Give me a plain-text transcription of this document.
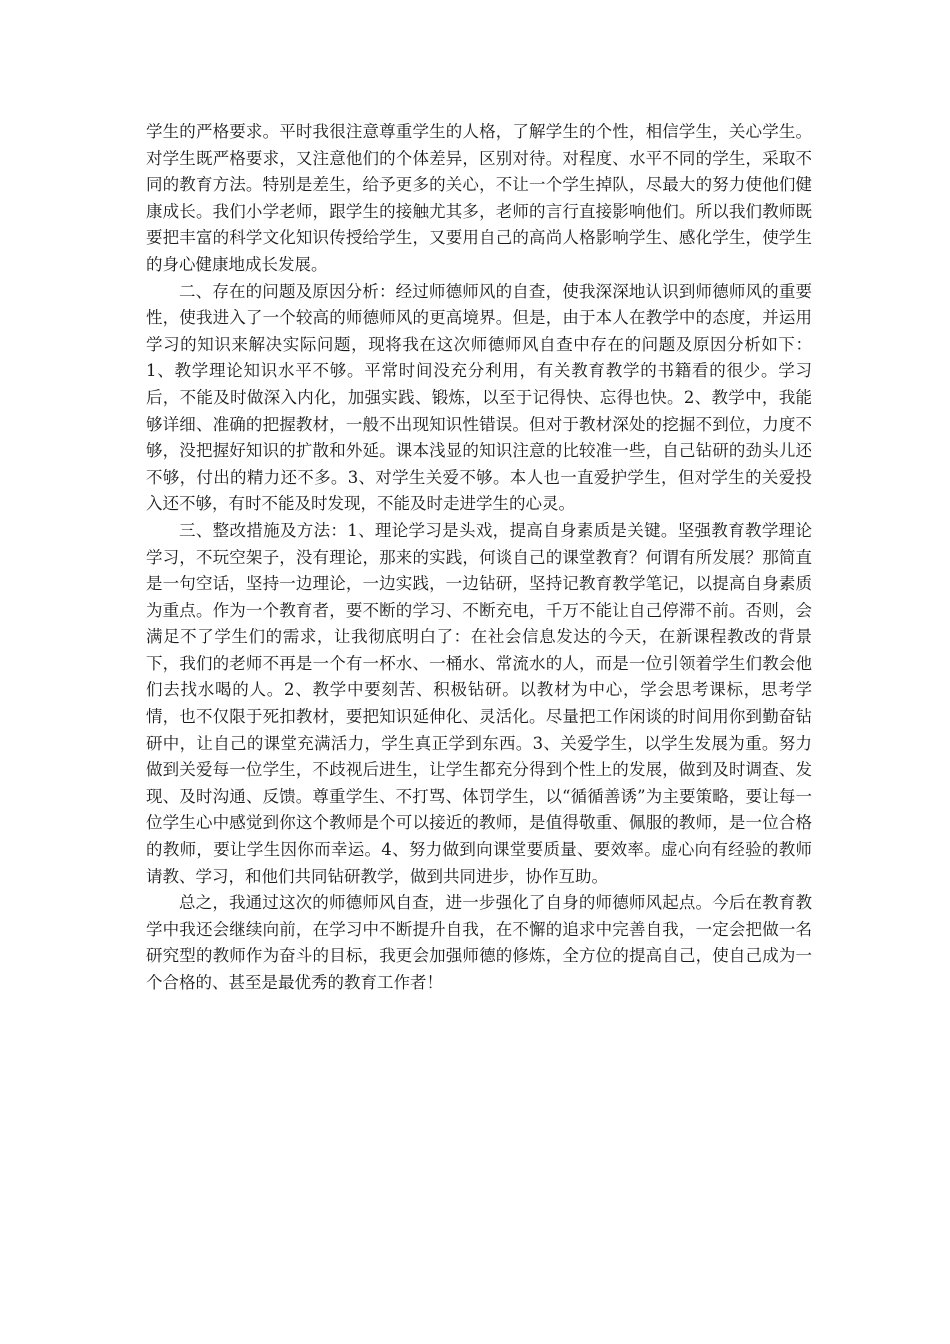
学生的严格要求。平时我很注意尊重学生的人格，了解学生的个性，相信学生，关心学生。对学生既严格要求，又注意他们的个体差异，区别对待。对程度、水平不同的学生，采取不同的教育方法。特别是差生，给予更多的关心，不让一个学生掉队，尽最大的努力使他们健康成长。我们小学老师，跟学生的接触尤其多，老师的言行直接影响他们。所以我们教师既要把丰富的科学文化知识传授给学生，又要用自己的高尚人格影响学生、感化学生，使学生的身心健康地成长发展。

二、存在的问题及原因分析：经过师德师风的自查，使我深深地认识到师德师风的重要性，使我进入了一个较高的师德师风的更高境界。但是，由于本人在教学中的态度，并运用学习的知识来解决实际问题，现将我在这次师德师风自查中存在的问题及原因分析如下：1、教学理论知识水平不够。平常时间没充分利用，有关教育教学的书籍看的很少。学习后，不能及时做深入内化，加强实践、锻炼，以至于记得快、忘得也快。2、教学中，我能够详细、准确的把握教材，一般不出现知识性错误。但对于教材深处的挖掘不到位，力度不够，没把握好知识的扩散和外延。课本浅显的知识注意的比较准一些，自己钻研的劲头儿还不够，付出的精力还不多。3、对学生关爱不够。本人也一直爱护学生，但对学生的关爱投入还不够，有时不能及时发现，不能及时走进学生的心灵。

三、整改措施及方法：1、理论学习是头戏，提高自身素质是关键。坚强教育教学理论学习，不玩空架子，没有理论，那来的实践，何谈自己的课堂教育？何谓有所发展？那简直是一句空话，坚持一边理论，一边实践，一边钻研，坚持记教育教学笔记，以提高自身素质为重点。作为一个教育者，要不断的学习、不断充电，千万不能让自己停滞不前。否则，会满足不了学生们的需求，让我彻底明白了：在社会信息发达的今天，在新课程教改的背景下，我们的老师不再是一个有一杯水、一桶水、常流水的人，而是一位引领着学生们教会他们去找水喝的人。2、教学中要刻苦、积极钻研。以教材为中心，学会思考课标，思考学情，也不仅限于死扣教材，要把知识延伸化、灵活化。尽量把工作闲谈的时间用你到勤奋钻研中，让自己的课堂充满活力，学生真正学到东西。3、关爱学生，以学生发展为重。努力做到关爱每一位学生，不歧视后进生，让学生都充分得到个性上的发展，做到及时调查、发现、及时沟通、反馈。尊重学生、不打骂、体罚学生，以“循循善诱”为主要策略，要让每一位学生心中感觉到你这个教师是个可以接近的教师，是值得敬重、佩服的教师，是一位合格的教师，要让学生因你而幸运。4、努力做到向课堂要质量、要效率。虚心向有经验的教师请教、学习，和他们共同钻研教学，做到共同进步，协作互助。

总之，我通过这次的师德师风自查，进一步强化了自身的师德师风起点。今后在教育教学中我还会继续向前，在学习中不断提升自我，在不懈的追求中完善自我，一定会把做一名研究型的教师作为奋斗的目标，我更会加强师德的修炼，全方位的提高自己，使自己成为一个合格的、甚至是最优秀的教育工作者！
